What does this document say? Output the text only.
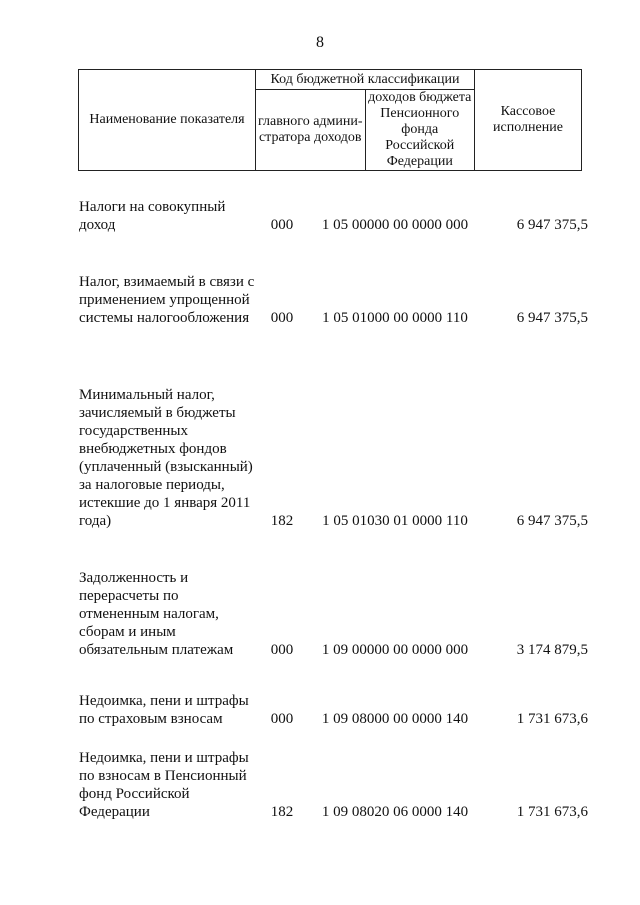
8
Наименование показателя	Код бюджетной классификации		Кассовое исполнение
	главного админи-стратора доходов	доходов бюджета Пенсионного фонда Российской Федерации	
Налоги на совокупный доход	000	1 05 00000 00 0000 000	6 947 375,5
Налог, взимаемый в связи с применением упрощенной системы налогообложения	000	1 05 01000 00 0000 110	6 947 375,5
Минимальный налог, зачисляемый в бюджеты государственных внебюджетных фондов (уплаченный (взысканный) за налоговые периоды, истекшие до 1 января 2011 года)	182	1 05 01030 01 0000 110	6 947 375,5
Задолженность и перерасчеты по отмененным налогам, сборам и иным обязательным платежам	000	1 09 00000 00 0000 000	3 174 879,5
Недоимка, пени и штрафы по страховым взносам	000	1 09 08000 00 0000 140	1 731 673,6
Недоимка, пени и штрафы по взносам в Пенсионный фонд Российской Федерации	182	1 09 08020 06 0000 140	1 731 673,6
